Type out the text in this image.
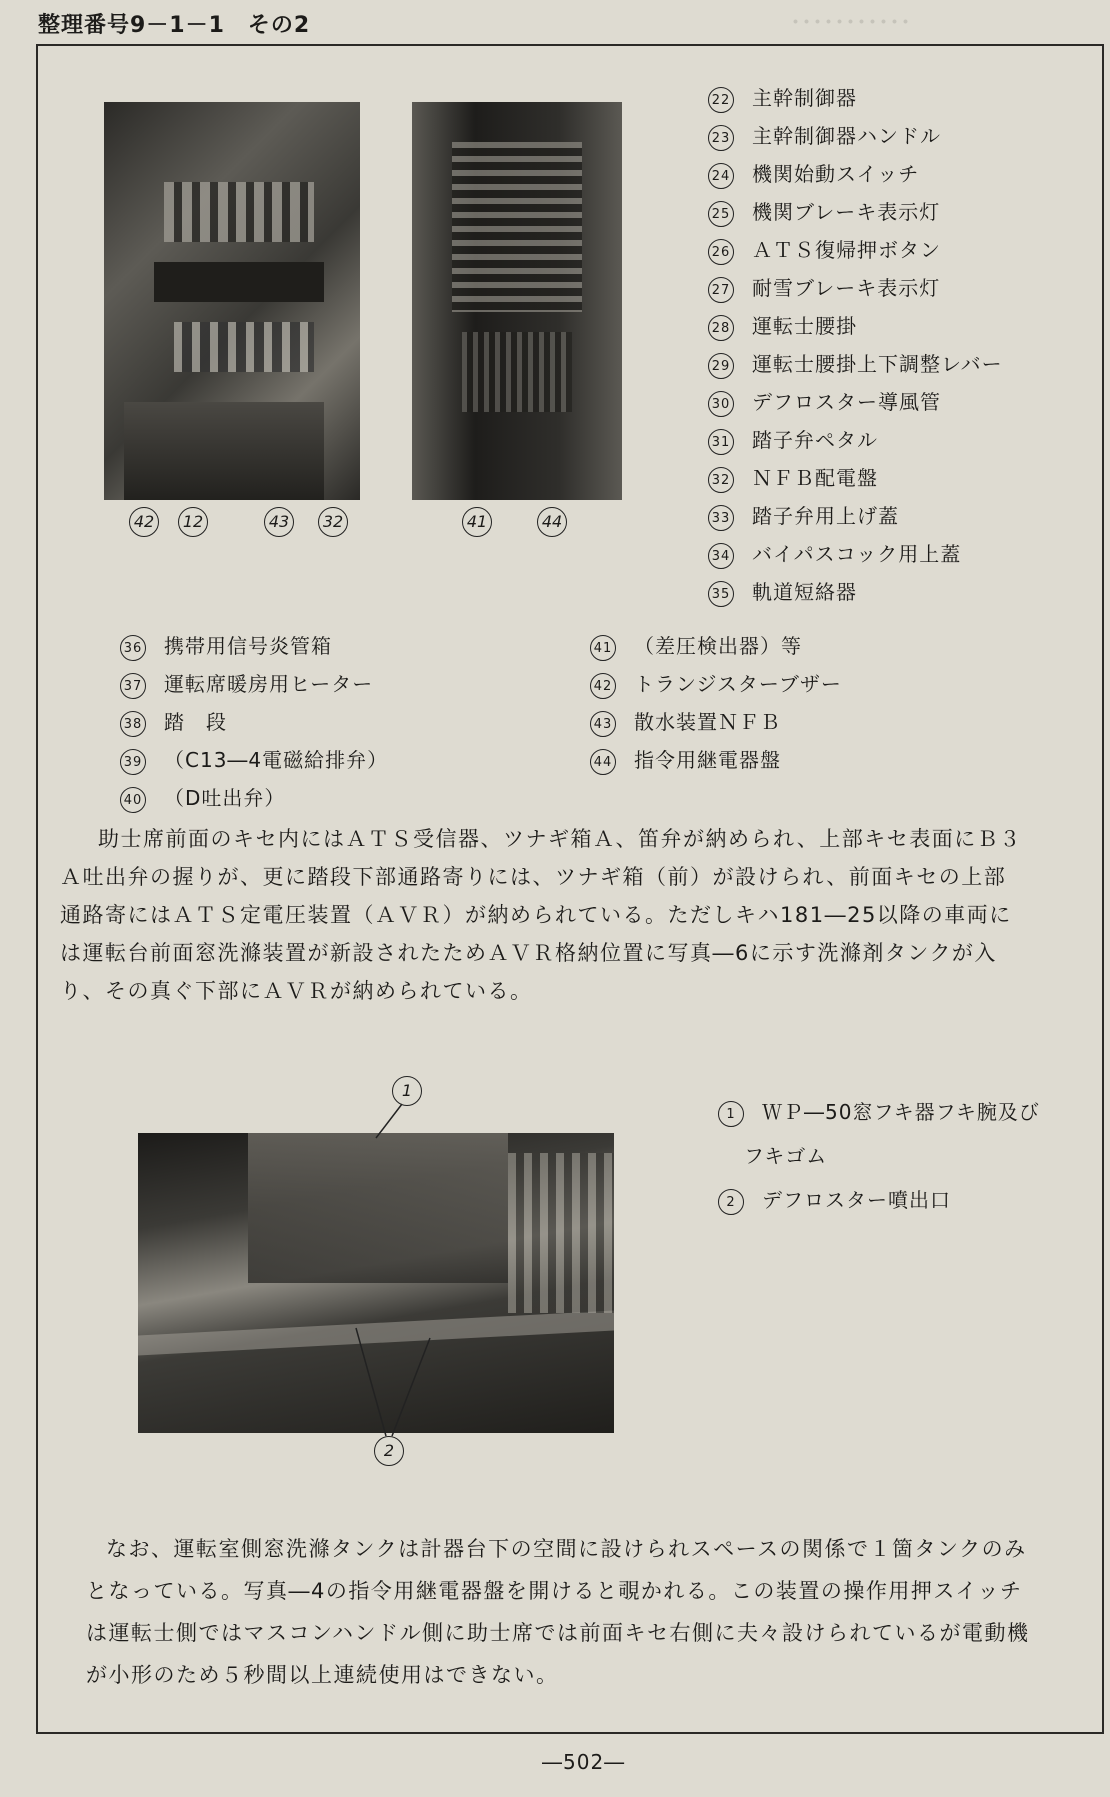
･･･････････
整理番号9－1－1　その2
42	12	43	32	41	44
22 主幹制御器
23 主幹制御器ハンドル
24 機関始動スイッチ
25 機関ブレーキ表示灯
26 ＡＴＳ復帰押ボタン
27 耐雪ブレーキ表示灯
28 運転士腰掛
29 運転士腰掛上下調整レバー
30 デフロスター導風管
31 踏子弁ペタル
32 ＮＦＢ配電盤
33 踏子弁用上げ蓋
34 バイパスコック用上蓋
35 軌道短絡器
36 携帯用信号炎管箱
37 運転席暖房用ヒーター
38 踏　段
39 （C13―4電磁給排弁）
40 （D吐出弁）
41 （差圧検出器）等
42 トランジスターブザー
43 散水装置ＮＦＢ
44 指令用継電器盤
助士席前面のキセ内にはＡＴＳ受信器、ツナギ箱Ａ、笛弁が納められ、上部キセ表面にＢ３
Ａ吐出弁の握りが、更に踏段下部通路寄りには、ツナギ箱（前）が設けられ、前面キセの上部
通路寄にはＡＴＳ定電圧装置（ＡＶＲ）が納められている。ただしキハ181―25以降の車両に
は運転台前面窓洗滌装置が新設されたためＡＶＲ格納位置に写真―6に示す洗滌剤タンクが入
り、その真ぐ下部にＡＶＲが納められている。
1
2
1 ＷＰ―50窓フキ器フキ腕及び
フキゴム
2 デフロスター噴出口
なお、運転室側窓洗滌タンクは計器台下の空間に設けられスペースの関係で１箇タンクのみ
となっている。写真―4の指令用継電器盤を開けると覗かれる。この装置の操作用押スイッチ
は運転士側ではマスコンハンドル側に助士席では前面キセ右側に夫々設けられているが電動機
が小形のため５秒間以上連続使用はできない。
―502―
